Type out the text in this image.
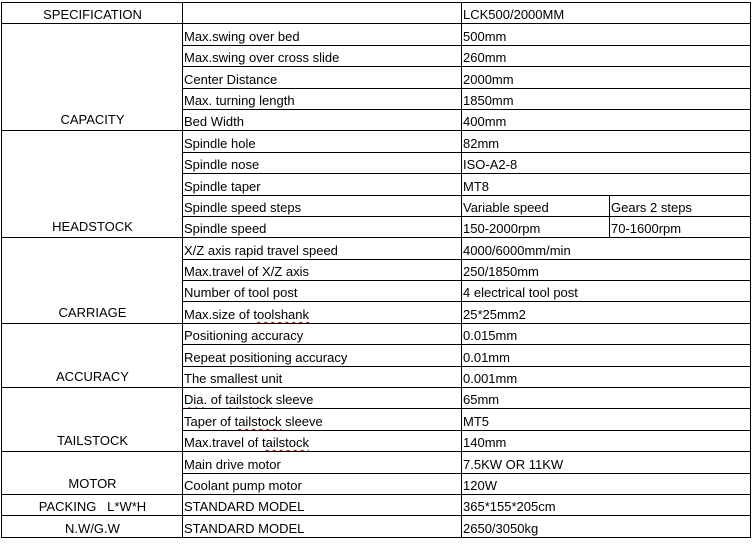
SPECIFICATION		LCK500/2000MM	
CAPACITY	Max.swing over bed	500mm	
	Max.swing over cross slide	260mm	
	Center Distance	2000mm	
	Max. turning length	1850mm	
	Bed Width	400mm	
HEADSTOCK	Spindle hole	82mm	
	Spindle nose	ISO-A2-8	
	Spindle taper	MT8	
	Spindle speed steps	Variable speed	Gears 2 steps
	Spindle speed	150-2000rpm	70-1600rpm
CARRIAGE	X/Z axis rapid travel speed	4000/6000mm/min	
	Max.travel of X/Z axis	250/1850mm	
	Number of tool post	4 electrical tool post	
	Max.size of toolshank	25*25mm2	
ACCURACY	Positioning accuracy	0.015mm	
	Repeat positioning accuracy	0.01mm	
	The smallest unit	0.001mm	
TAILSTOCK	Dia. of tailstock sleeve	65mm	
	Taper of tailstock sleeve	MT5	
	Max.travel of tailstock	140mm	
MOTOR	Main drive motor	7.5KW OR 11KW	
	Coolant pump motor	120W	
PACKING   L*W*H	STANDARD MODEL	365*155*205cm	
N.W/G.W	STANDARD MODEL	2650/3050kg	
